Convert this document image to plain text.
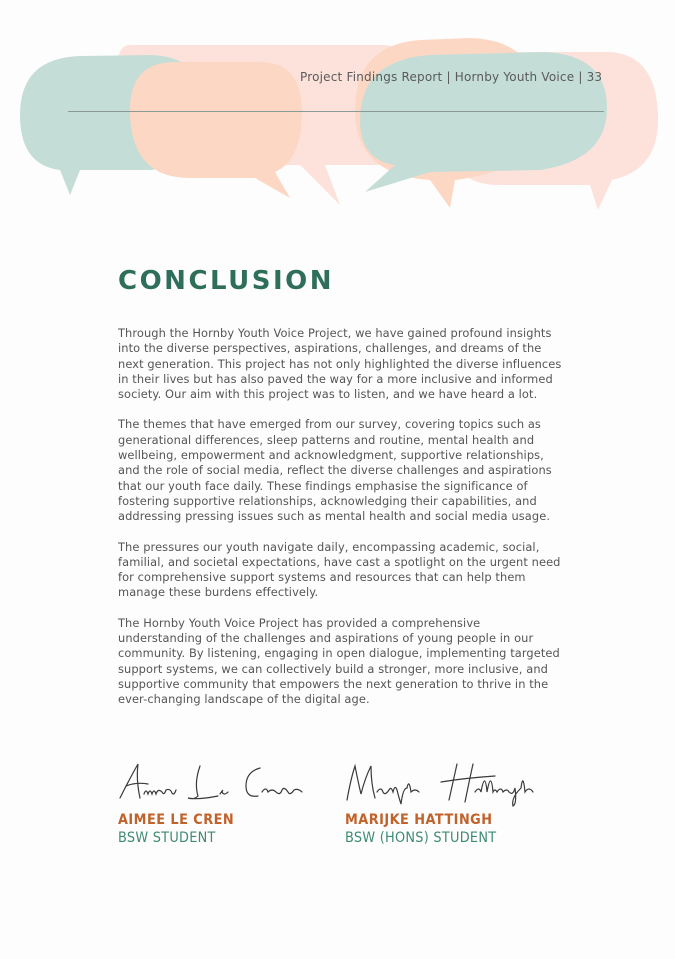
Project Findings Report | Hornby Youth Voice | 33
CONCLUSION

Through the Hornby Youth Voice Project, we have gained profound insights into the diverse perspectives, aspirations, challenges, and dreams of the next generation. This project has not only highlighted the diverse influences in their lives but has also paved the way for a more inclusive and informed society. Our aim with this project was to listen, and we have heard a lot.

The themes that have emerged from our survey, covering topics such as generational differences, sleep patterns and routine, mental health and wellbeing, empowerment and acknowledgment, supportive relationships, and the role of social media, reflect the diverse challenges and aspirations that our youth face daily. These findings emphasise the significance of fostering supportive relationships, acknowledging their capabilities, and addressing pressing issues such as mental health and social media usage.

The pressures our youth navigate daily, encompassing academic, social, familial, and societal expectations, have cast a spotlight on the urgent need for comprehensive support systems and resources that can help them manage these burdens effectively.

The Hornby Youth Voice Project has provided a comprehensive understanding of the challenges and aspirations of young people in our community. By listening, engaging in open dialogue, implementing targeted support systems, we can collectively build a stronger, more inclusive, and supportive community that empowers the next generation to thrive in the ever-changing landscape of the digital age.

AIMEE LE CREN
BSW STUDENT
MARIJKE HATTINGH
BSW (HONS) STUDENT
